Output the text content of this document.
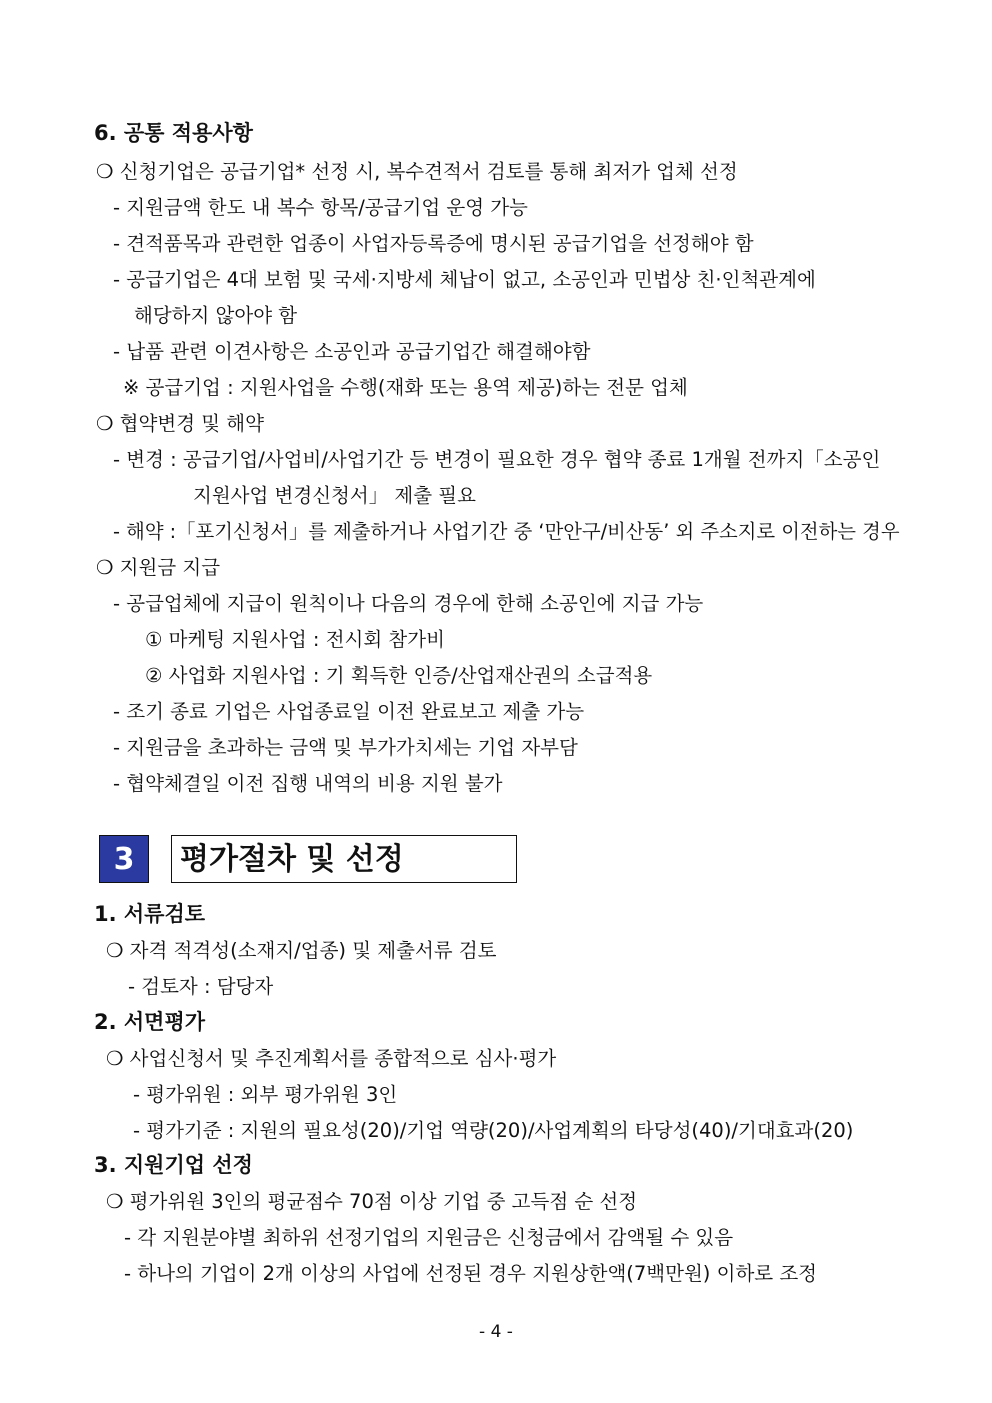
6. 공통 적용사항
❍ 신청기업은 공급기업* 선정 시, 복수견적서 검토를 통해 최저가 업체 선정
- 지원금액 한도 내 복수 항목/공급기업 운영 가능
- 견적품목과 관련한 업종이 사업자등록증에 명시된 공급기업을 선정해야 함
- 공급기업은 4대 보험 및 국세·지방세 체납이 없고, 소공인과 민법상 친·인척관계에
해당하지 않아야 함
- 납품 관련 이견사항은 소공인과 공급기업간 해결해야함
※ 공급기업 : 지원사업을 수행(재화 또는 용역 제공)하는 전문 업체
❍ 협약변경 및 해약
- 변경 : 공급기업/사업비/사업기간 등 변경이 필요한 경우 협약 종료 1개월 전까지「소공인
지원사업 변경신청서」 제출 필요
- 해약 :「포기신청서」를 제출하거나 사업기간 중 ‘만안구/비산동’ 외 주소지로 이전하는 경우
❍ 지원금 지급
- 공급업체에 지급이 원칙이나 다음의 경우에 한해 소공인에 지급 가능
① 마케팅 지원사업 : 전시회 참가비
② 사업화 지원사업 : 기 획득한 인증/산업재산권의 소급적용
- 조기 종료 기업은 사업종료일 이전 완료보고 제출 가능
- 지원금을 초과하는 금액 및 부가가치세는 기업 자부담
- 협약체결일 이전 집행 내역의 비용 지원 불가
3	평가절차 및 선정
1. 서류검토
❍ 자격 적격성(소재지/업종) 및 제출서류 검토
- 검토자 : 담당자
2. 서면평가
❍ 사업신청서 및 추진계획서를 종합적으로 심사·평가
- 평가위원 : 외부 평가위원 3인
- 평가기준 : 지원의 필요성(20)/기업 역량(20)/사업계획의 타당성(40)/기대효과(20)
3. 지원기업 선정
❍ 평가위원 3인의 평균점수 70점 이상 기업 중 고득점 순 선정
- 각 지원분야별 최하위 선정기업의 지원금은 신청금에서 감액될 수 있음
- 하나의 기업이 2개 이상의 사업에 선정된 경우 지원상한액(7백만원) 이하로 조정
- 4 -
